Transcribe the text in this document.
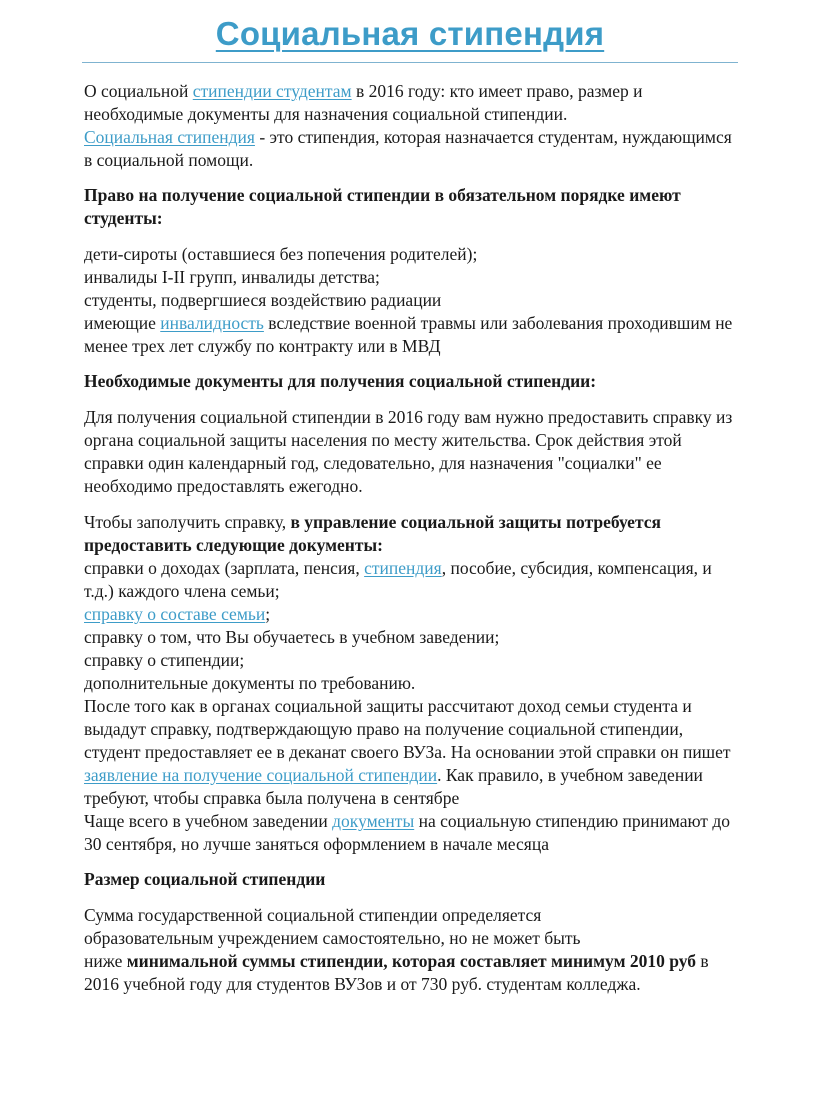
Социальная стипендия

О социальной стипендии студентам в 2016 году: кто имеет право, размер и необходимые документы для назначения социальной стипендии.

Социальная стипендия - это стипендия, которая назначается студентам, нуждающимся в социальной помощи.

Право на получение социальной стипендии в обязательном порядке имеют студенты:

дети-сироты (оставшиеся без попечения родителей);

инвалиды I-II групп, инвалиды детства;

студенты, подвергшиеся воздействию радиации

имеющие инвалидность вследствие военной травмы или заболевания проходившим не менее трех лет службу по контракту или в МВД

Необходимые документы для получения социальной стипендии:

Для получения социальной стипендии в 2016 году вам нужно предоставить справку из органа социальной защиты населения по месту жительства. Срок действия этой справки один календарный год, следовательно, для назначения "социалки" ее необходимо предоставлять ежегодно.

Чтобы заполучить справку, в управление социальной защиты потребуется предоставить следующие документы:

справки о доходах (зарплата, пенсия, стипендия, пособие, субсидия, компенсация, и т.д.) каждого члена семьи;

справку о составе семьи;

справку о том, что Вы обучаетесь в учебном заведении;

справку о стипендии;

дополнительные документы по требованию.

После того как в органах социальной защиты рассчитают доход семьи студента и выдадут справку, подтверждающую право на получение социальной стипендии, студент предоставляет ее в деканат своего ВУЗа. На основании этой справки он пишет заявление на получение социальной стипендии. Как правило, в учебном заведении требуют, чтобы справка была получена в сентябре

Чаще всего в учебном заведении документы на социальную стипендию принимают до 30 сентября, но лучше заняться оформлением в начале месяца

Размер социальной стипендии

Сумма государственной социальной стипендии определяется

образовательным учреждением самостоятельно, но не может быть

ниже минимальной суммы стипендии, которая составляет минимум 2010 руб в 2016 учебной году для студентов ВУЗов и от 730 руб. студентам колледжа.
